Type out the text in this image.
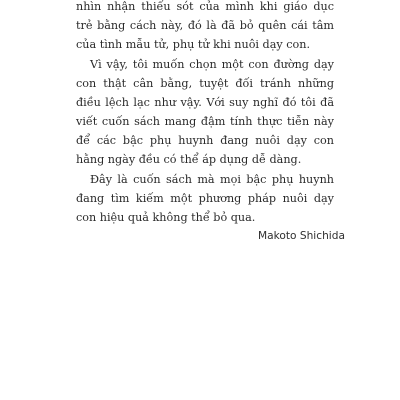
nhìn nhận thiếu sót của mình khi giáo dục trẻ bằng cách này, đó là đã bỏ quên cái tâm của tình mẫu tử, phụ tử khi nuôi dạy con.

Vì vậy, tôi muốn chọn một con đường dạy con thật cân bằng, tuyệt đối tránh những điều lệch lạc như vậy. Với suy nghĩ đó tôi đã viết cuốn sách mang đậm tính thực tiễn này để các bậc phụ huynh đang nuôi dạy con hằng ngày đều có thể áp dụng dễ dàng.

Đây là cuốn sách mà mọi bậc phụ huynh đang tìm kiếm một phương pháp nuôi dạy con hiệu quả không thể bỏ qua.

Makoto Shichida
